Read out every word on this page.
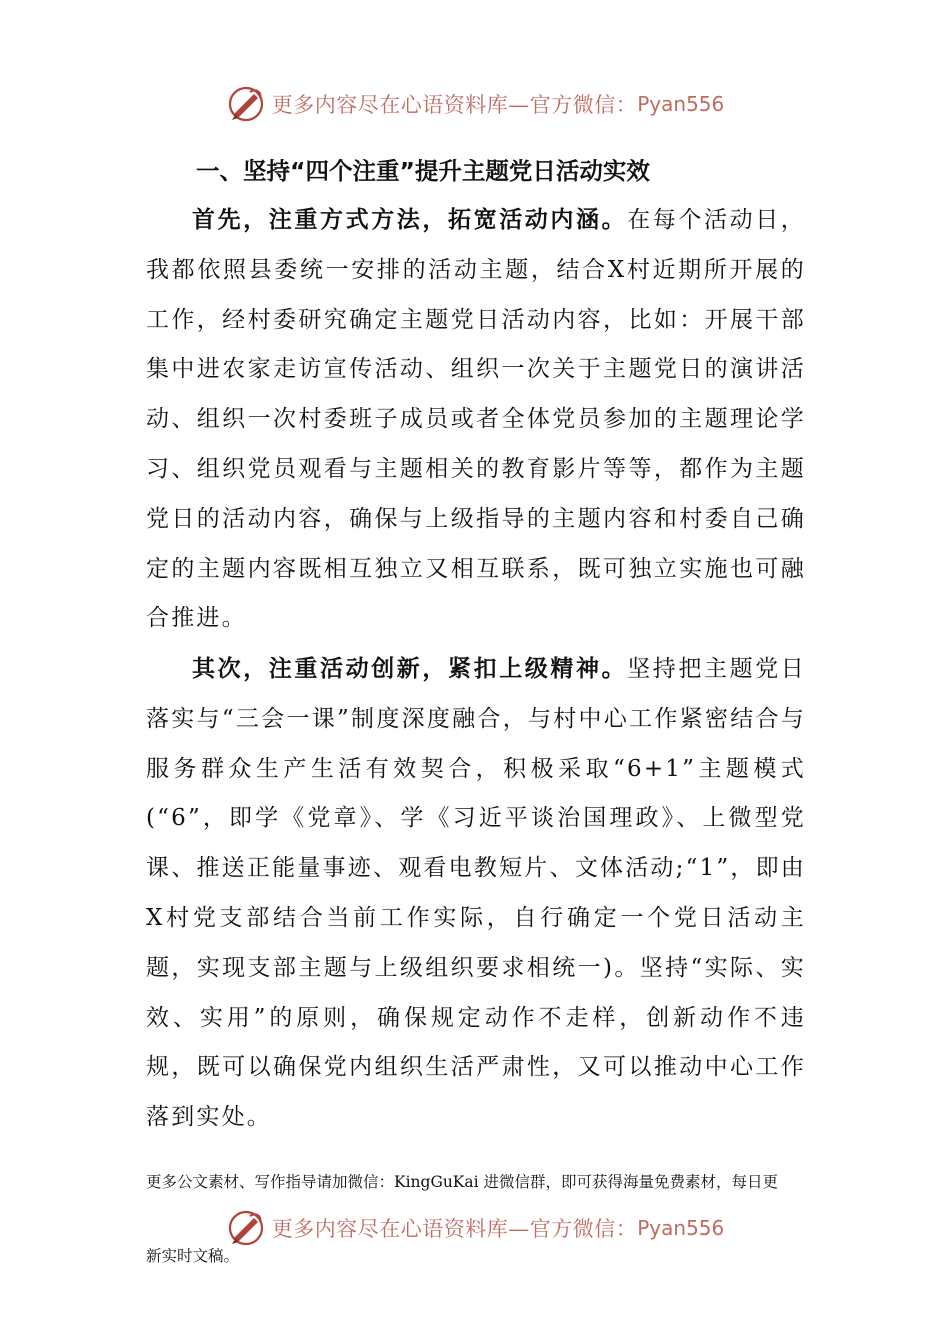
更多内容尽在心语资料库—官方微信： Pyan556
一、坚持“四个注重”提升主题党日活动实效

首先，注重方式方法，拓宽活动内涵。在每个活动日，我都依照县委统一安排的活动主题，结合X村近期所开展的工作，经村委研究确定主题党日活动内容，比如：开展干部集中进农家走访宣传活动、组织一次关于主题党日的演讲活动、组织一次村委班子成员或者全体党员参加的主题理论学习、组织党员观看与主题相关的教育影片等等，都作为主题党日的活动内容，确保与上级指导的主题内容和村委自己确定的主题内容既相互独立又相互联系，既可独立实施也可融合推进。

其次，注重活动创新，紧扣上级精神。坚持把主题党日落实与“三会一课”制度深度融合，与村中心工作紧密结合与服务群众生产生活有效契合，积极采取“6+1”主题模式(“6”，即学《党章》、学《习近平谈治国理政》、上微型党课、推送正能量事迹、观看电教短片、文体活动;“1”，即由X村党支部结合当前工作实际，自行确定一个党日活动主题，实现支部主题与上级组织要求相统一)。坚持“实际、实效、实用”的原则，确保规定动作不走样，创新动作不违规，既可以确保党内组织生活严肃性，又可以推动中心工作落到实处。

更多公文素材、写作指导请加微信：KingGuKai 进微信群，即可获得海量免费素材，每日更
更多内容尽在心语资料库—官方微信： Pyan556
新实时文稿。
